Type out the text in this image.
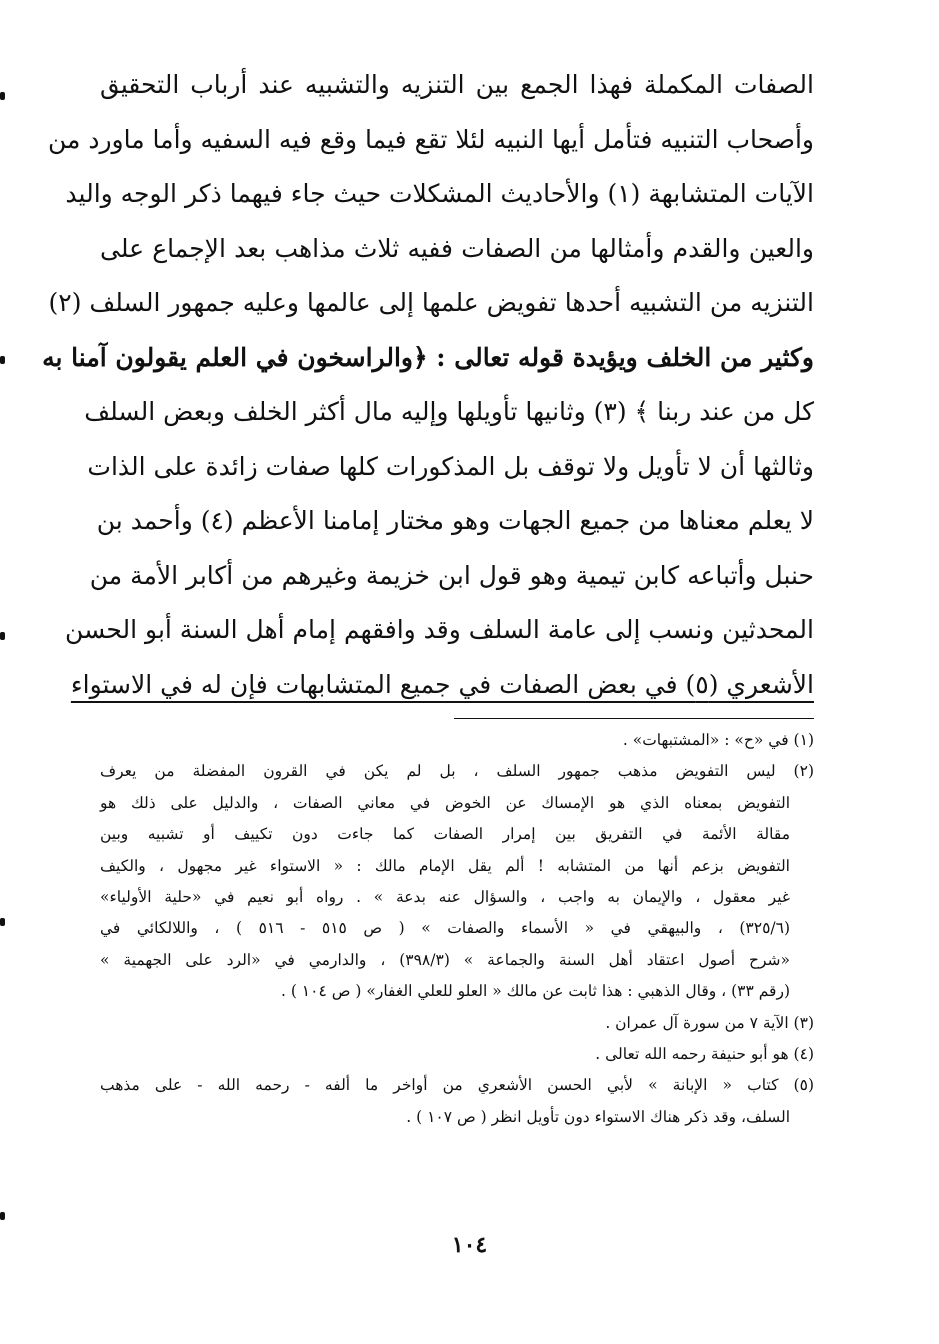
الصفات المكملة فهذا الجمع بين التنزيه والتشبيه عند أرباب التحقيق

وأصحاب التنبيه فتأمل أيها النبيه لئلا تقع فيما وقع فيه السفيه وأما ماورد من

الآيات المتشابهة (١) والأحاديث المشكلات حيث جاء فيهما ذكر الوجه واليد

والعين والقدم وأمثالها من الصفات ففيه ثلاث مذاهب بعد الإجماع على

التنزيه من التشبيه أحدها تفويض علمها إلى عالمها وعليه جمهور السلف (٢)

وكثير من الخلف ويؤيدة قوله تعالى : ﴿والراسخون في العلم يقولون آمنا به

كل من عند ربنا ﴾ (٣) وثانيها تأويلها وإليه مال أكثر الخلف وبعض السلف

وثالثها أن لا تأويل ولا توقف بل المذكورات كلها صفات زائدة على الذات

لا يعلم معناها من جميع الجهات وهو مختار إمامنا الأعظم (٤) وأحمد بن

حنبل وأتباعه كابن تيمية وهو قول ابن خزيمة وغيرهم من أكابر الأمة من

المحدثين ونسب إلى عامة السلف وقد وافقهم إمام أهل السنة أبو الحسن

الأشعري (٥) في بعض الصفات في جميع المتشابهات فإن له في الاستواء

(١) في «ح» : «المشتبهات» .
(٢) ليس التفويض مذهب جمهور السلف ، بل لم يكن في القرون المفضلة من يعرف
التفويض بمعناه الذي هو الإمساك عن الخوض في معاني الصفات ، والدليل على ذلك هو
مقالة الأئمة في التفريق بين إمرار الصفات كما جاءت دون تكييف أو تشبيه وبين
التفويض بزعم أنها من المتشابه ! ألم يقل الإمام مالك : « الاستواء غير مجهول ، والكيف
غير معقول ، والإيمان به واجب ، والسؤال عنه بدعة » . رواه أبو نعيم في «حلية الأولياء»
(٣٢٥/٦) ، والبيهقي في « الأسماء والصفات » ( ص ٥١٥ - ٥١٦ ) ، واللالكائي في
«شرح أصول اعتقاد أهل السنة والجماعة » (٣٩٨/٣) ، والدارمي في «الرد على الجهمية »
(رقم ٣٣) ، وقال الذهبي : هذا ثابت عن مالك « العلو للعلي الغفار» ( ص ١٠٤ ) .
(٣) الآية ٧ من سورة آل عمران .
(٤) هو أبو حنيفة رحمه الله تعالى .
(٥) كتاب « الإبانة » لأبي الحسن الأشعري من أواخر ما ألفه - رحمه الله - على مذهب
السلف، وقد ذكر هناك الاستواء دون تأويل انظر ( ص ١٠٧ ) .
١٠٤
